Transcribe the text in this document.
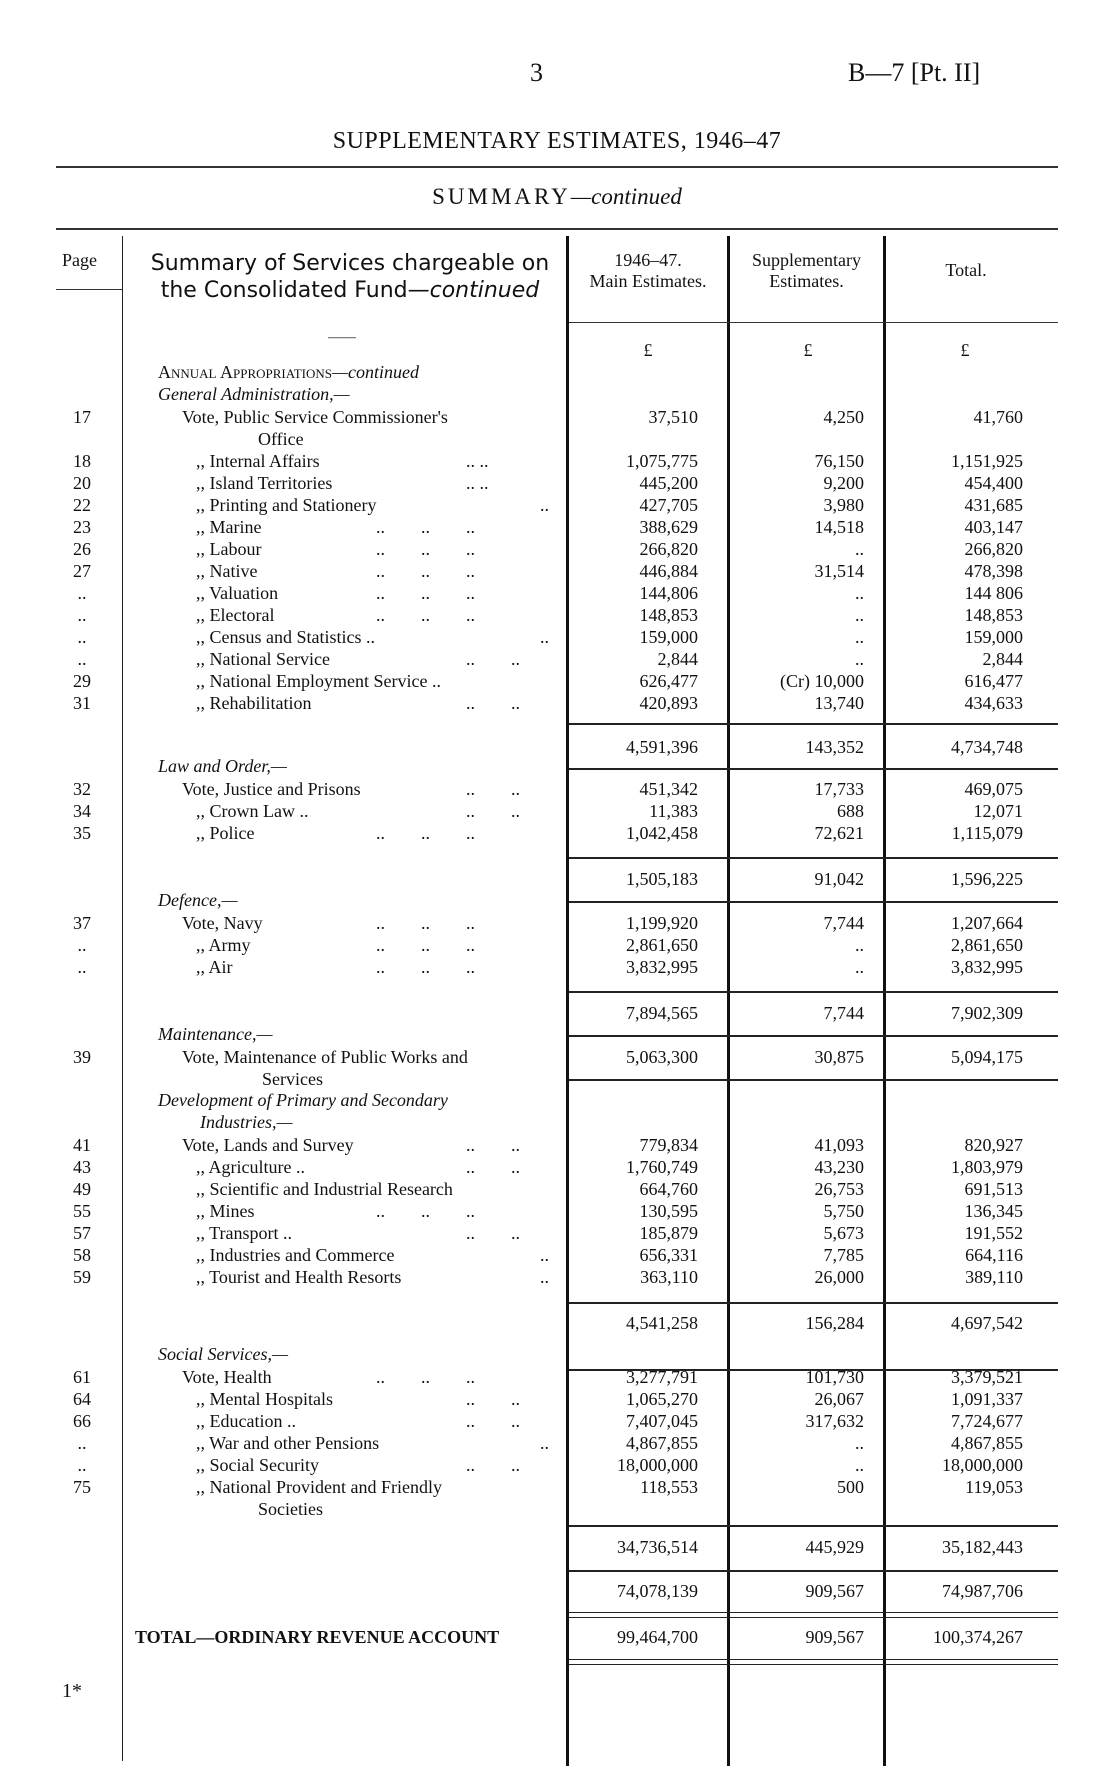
3	B—7 [Pt. II]
SUPPLEMENTARY ESTIMATES, 1946–47
SUMMARY—continued
Page	Summary of Services chargeable on
the Consolidated Fund—continued
1946–47.
Main Estimates.
Supplementary
Estimates.
Total.
——
£	£	£
Annual Appropriations—continued
General Administration,—
17	Vote, Public Service Commissioner's	37,510	4,250	41,760
Office
18	,, Internal Affairs	.. ..	1,075,775	76,150	1,151,925
20	,, Island Territories	.. ..	445,200	9,200	454,400
22	,, Printing and Stationery	..	427,705	3,980	431,685
23	,, Marine	..        ..        ..	388,629	14,518	403,147
26	,, Labour	..        ..        ..	266,820	..	266,820
27	,, Native	..        ..        ..	446,884	31,514	478,398
..	,, Valuation	..        ..        ..	144,806	..	144 806
..	,, Electoral	..        ..        ..	148,853	..	148,853
..	,, Census and Statistics ..	..	159,000	..	159,000
..	,, National Service	..        ..	2,844	..	2,844
29	,, National Employment Service ..	626,477	(Cr) 10,000	616,477
31	,, Rehabilitation	..        ..	420,893	13,740	434,633
4,591,396	143,352	4,734,748
Law and Order,—
32	Vote, Justice and Prisons	..        ..	451,342	17,733	469,075
34	,, Crown Law ..	..        ..	11,383	688	12,071
35	,, Police	..        ..        ..	1,042,458	72,621	1,115,079
1,505,183	91,042	1,596,225
Defence,—
37	Vote, Navy	..        ..        ..	1,199,920	7,744	1,207,664
..	,, Army	..        ..        ..	2,861,650	..	2,861,650
..	,, Air	..        ..        ..	3,832,995	..	3,832,995
7,894,565	7,744	7,902,309
Maintenance,—
39	Vote, Maintenance of Public Works and	5,063,300	30,875	5,094,175
Services
Development of Primary and Secondary
Industries,—
41	Vote, Lands and Survey	..        ..	779,834	41,093	820,927
43	,, Agriculture ..	..        ..	1,760,749	43,230	1,803,979
49	,, Scientific and Industrial Research	664,760	26,753	691,513
55	,, Mines	..        ..        ..	130,595	5,750	136,345
57	,, Transport ..	..        ..	185,879	5,673	191,552
58	,, Industries and Commerce	..	656,331	7,785	664,116
59	,, Tourist and Health Resorts	..	363,110	26,000	389,110
4,541,258	156,284	4,697,542
Social Services,—
61	Vote, Health	..        ..        ..	3,277,791	101,730	3,379,521
64	,, Mental Hospitals	..        ..	1,065,270	26,067	1,091,337
66	,, Education ..	..        ..	7,407,045	317,632	7,724,677
..	,, War and other Pensions	..	4,867,855	..	4,867,855
..	,, Social Security	..        ..	18,000,000	..	18,000,000
75	,, National Provident and Friendly	118,553	500	119,053
Societies
34,736,514	445,929	35,182,443
74,078,139	909,567	74,987,706
TOTAL—ORDINARY REVENUE ACCOUNT	99,464,700	909,567	100,374,267
1*
